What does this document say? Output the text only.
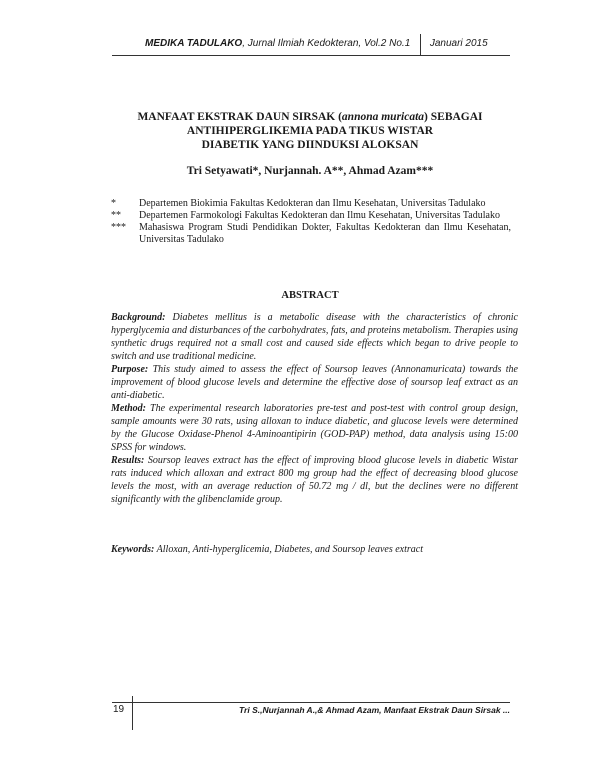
MEDIKA TADULAKO, Jurnal Ilmiah Kedokteran, Vol.2 No.1 Januari 2015
MANFAAT EKSTRAK DAUN SIRSAK (annona muricata) SEBAGAI
ANTIHIPERGLIKEMIA PADA TIKUS WISTAR
DIABETIK YANG DIINDUKSI ALOKSAN
Tri Setyawati*, Nurjannah. A**, Ahmad Azam***
*	Departemen Biokimia Fakultas Kedokteran dan Ilmu Kesehatan, Universitas Tadulako
**	Departemen Farmokologi Fakultas Kedokteran dan Ilmu Kesehatan, Universitas Tadulako
***	Mahasiswa Program Studi Pendidikan Dokter, Fakultas Kedokteran dan Ilmu Kesehatan, Universitas Tadulako
ABSTRACT

Background: Diabetes mellitus is a metabolic disease with the characteristics of chronic hyperglycemia and disturbances of the carbohydrates, fats, and proteins metabolism. Therapies using synthetic drugs required not a small cost and caused side effects which began to drive people to switch and use traditional medicine.

Purpose: This study aimed to assess the effect of Soursop leaves (Annonamuricata) towards the improvement of blood glucose levels and determine the effective dose of soursop leaf extract as an anti-diabetic.

Method: The experimental research laboratories pre-test and post-test with control group design, sample amounts were 30 rats, using alloxan to induce diabetic, and glucose levels were determined by the Glucose Oxidase-Phenol 4-Aminoantipirin (GOD-PAP) method, data analysis using 15:00 SPSS for windows.

Results: Soursop leaves extract has the effect of improving blood glucose levels in diabetic Wistar rats induced which alloxan and extract 800 mg group had the effect of decreasing blood glucose levels the most, with an average reduction of 50.72 mg / dl, but the declines were no different significantly with the glibenclamide group.

Keywords: Alloxan, Anti-hyperglicemia, Diabetes, and Soursop leaves extract
19	Tri S.,Nurjannah A.,& Ahmad Azam, Manfaat Ekstrak Daun Sirsak ...
